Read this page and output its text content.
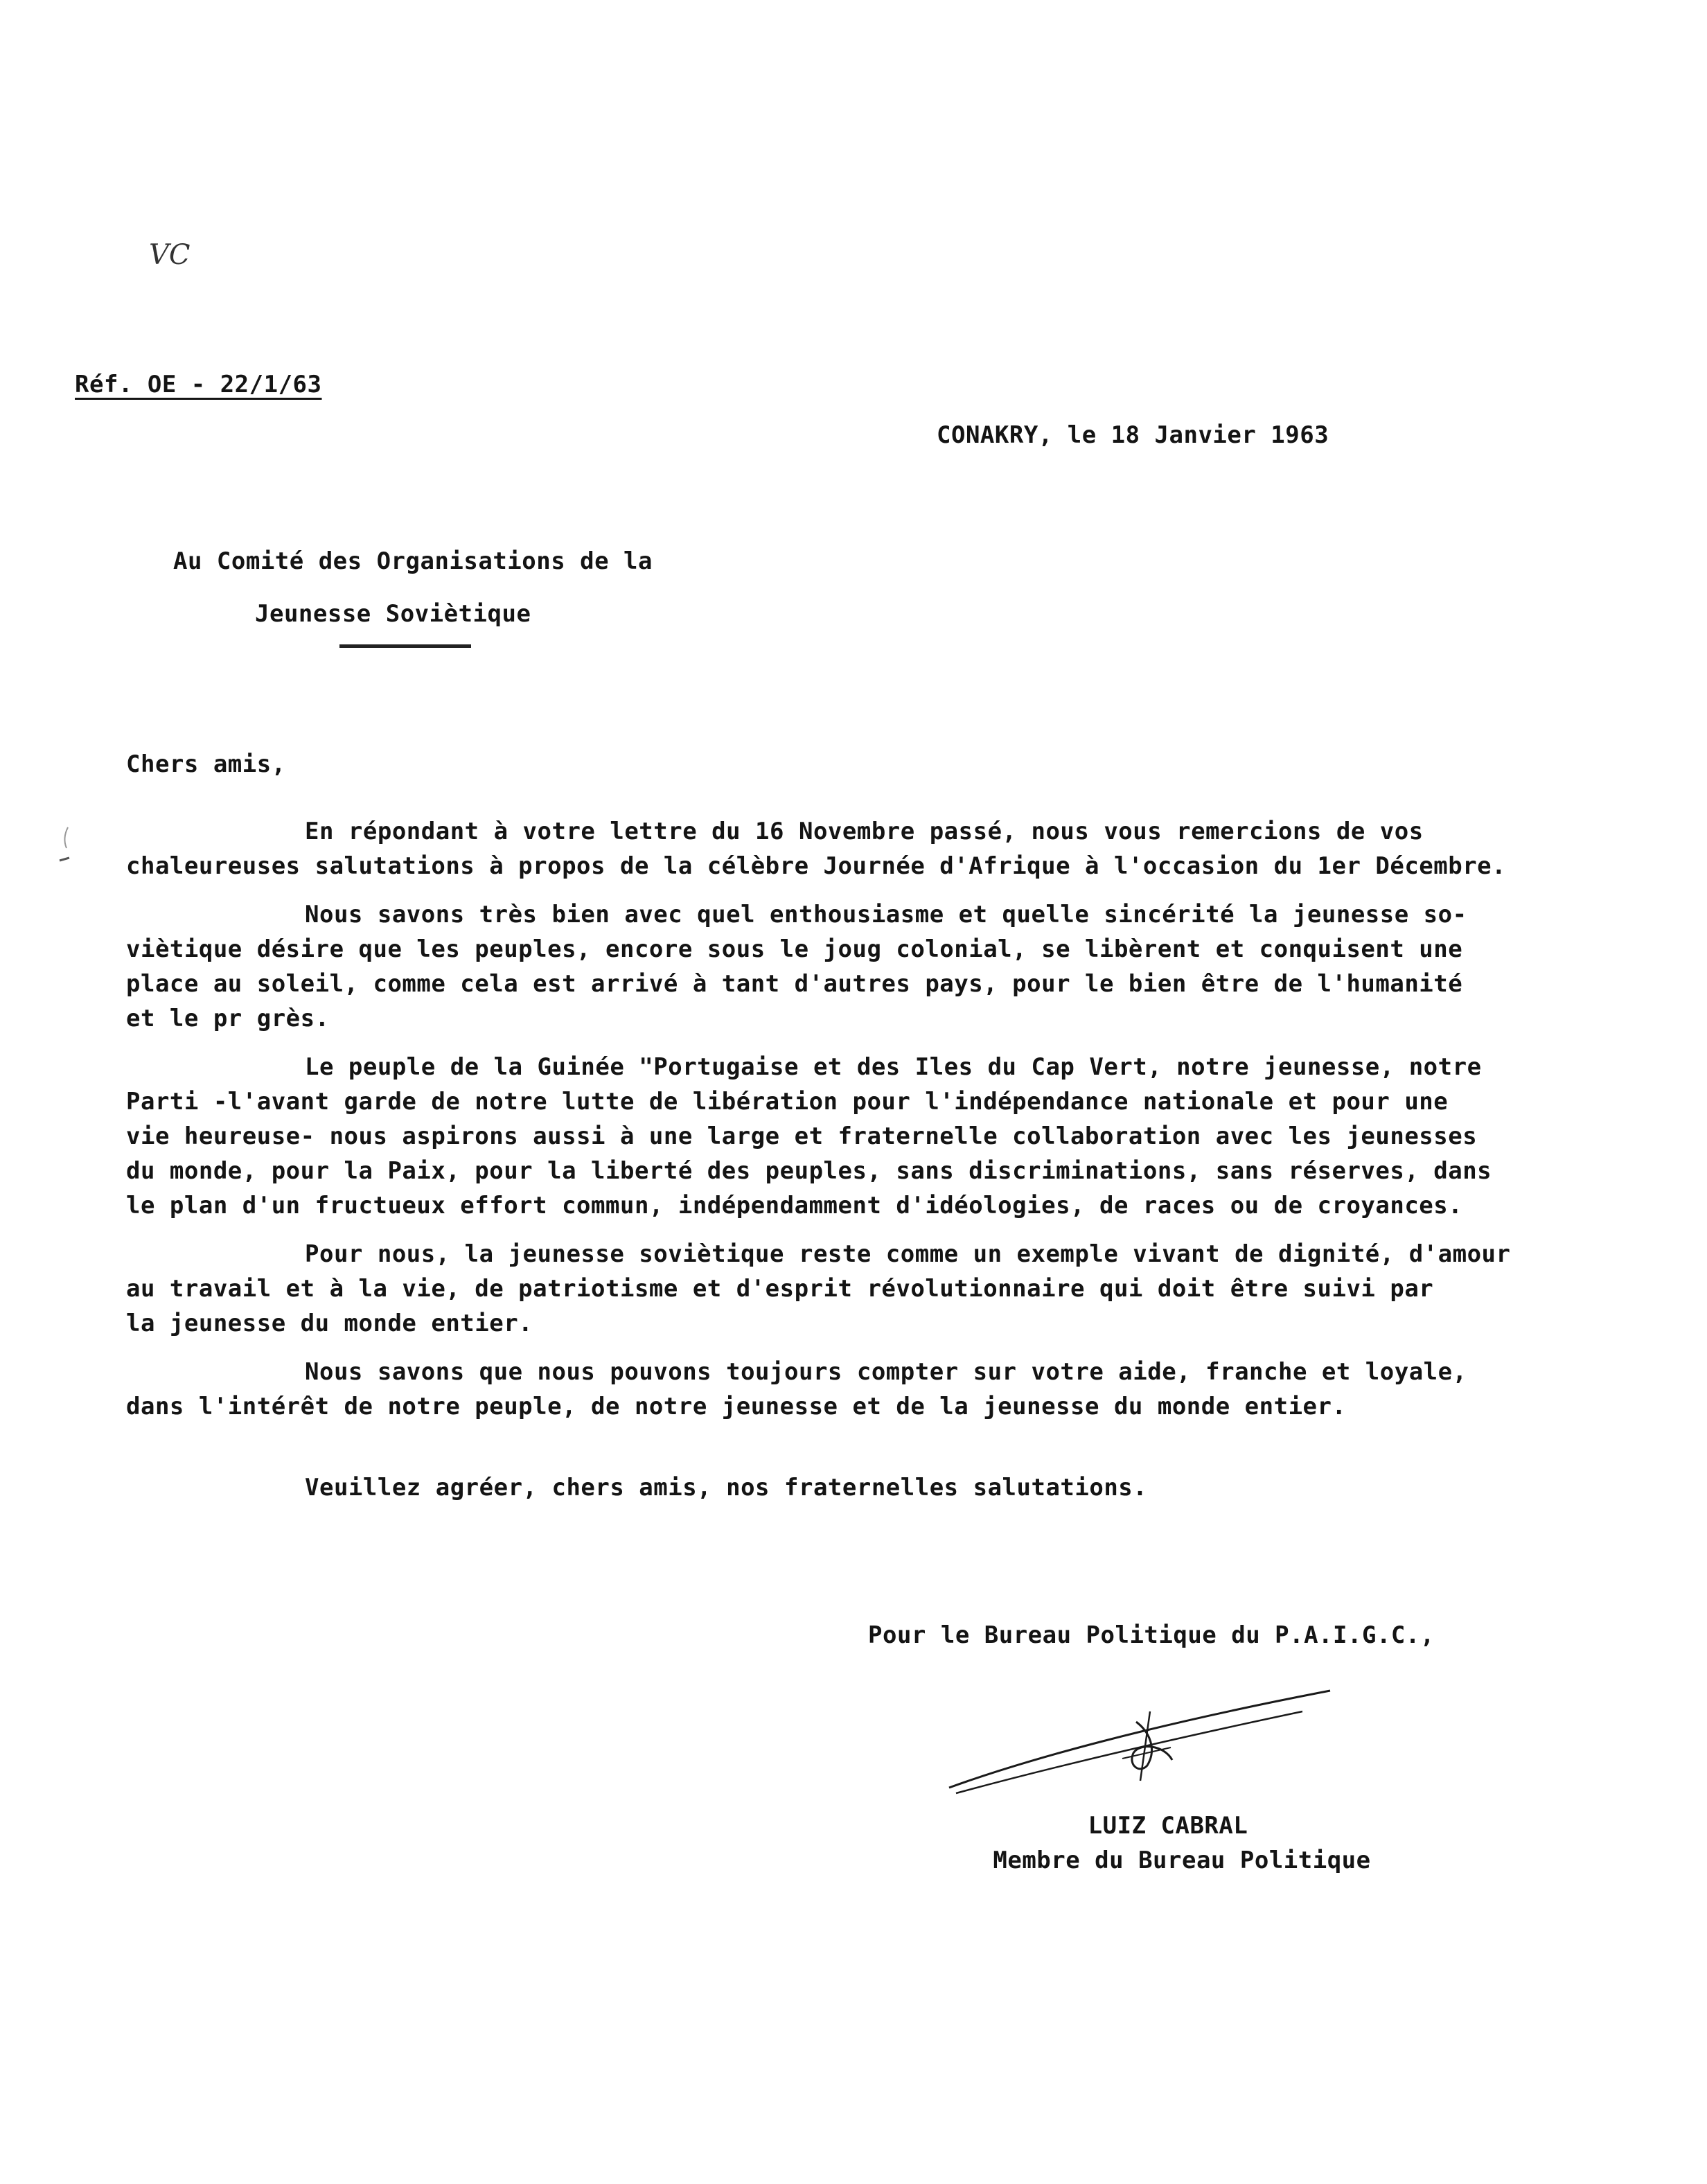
VC
Réf. OE - 22/1/63
CONAKRY, le 18 Janvier 1963
Au Comité des Organisations de la
Jeunesse Soviètique
Chers amis,
En répondant à votre lettre du 16 Novembre passé, nous vous remercions de vos
chaleureuses salutations à propos de la célèbre Journée d'Afrique à l'occasion du 1er Décembre.
Nous savons très bien avec quel enthousiasme et quelle sincérité la jeunesse so-
viètique désire que les peuples, encore sous le joug colonial, se libèrent et conquisent une
place au soleil, comme cela est arrivé à tant d'autres pays, pour le bien être de l'humanité
et le pr grès.
Le peuple de la Guinée "Portugaise et des Iles du Cap Vert, notre jeunesse, notre
Parti -l'avant garde de notre lutte de libération pour l'indépendance nationale et pour une
vie heureuse- nous aspirons aussi à une large et fraternelle collaboration avec les jeunesses
du monde, pour la Paix, pour la liberté des peuples, sans discriminations, sans réserves, dans
le plan d'un fructueux effort commun, indépendamment d'idéologies, de races ou de croyances.
Pour nous, la jeunesse soviètique reste comme un exemple vivant de dignité, d'amour
au travail et à la vie, de patriotisme et d'esprit révolutionnaire qui doit être suivi par
la jeunesse du monde entier.
Nous savons que nous pouvons toujours compter sur votre aide, franche et loyale,
dans l'intérêt de notre peuple, de notre jeunesse et de la jeunesse du monde entier.
Veuillez agréer, chers amis, nos fraternelles salutations.
Pour le Bureau Politique du P.A.I.G.C.,
LUIZ CABRAL
Membre du Bureau Politique
